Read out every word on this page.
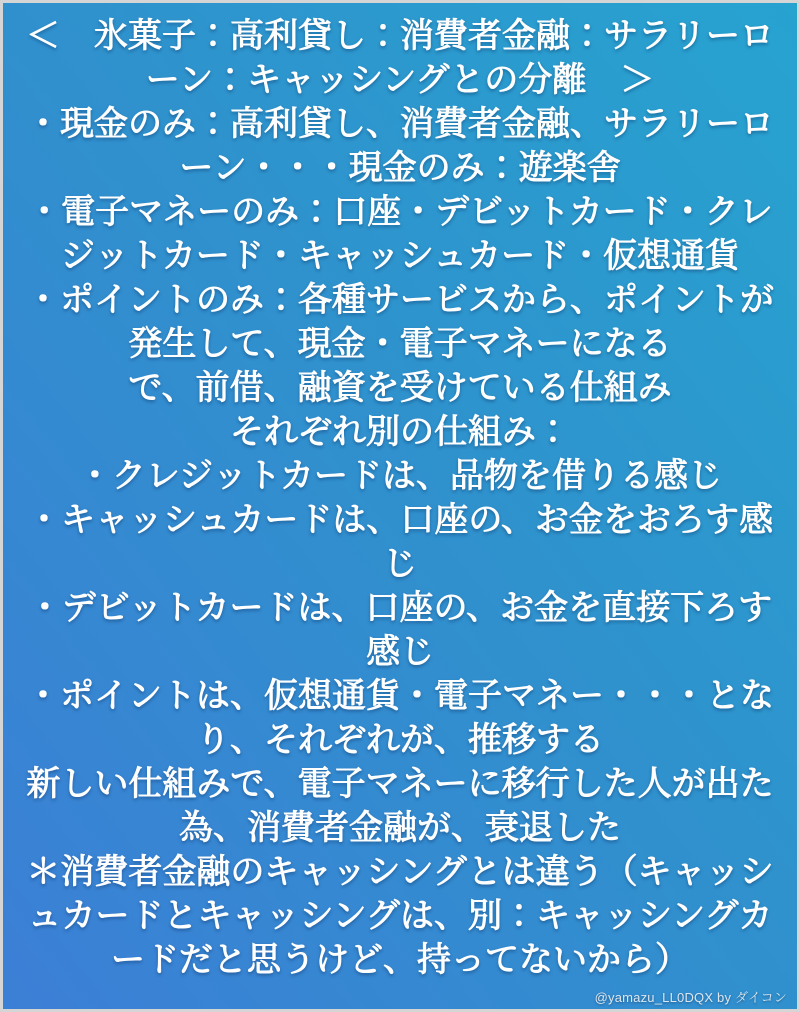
＜　氷菓子：高利貸し：消費者金融：サラリーローン：キャッシングとの分離　＞

・現金のみ：高利貸し、消費者金融、サラリーローン・・・現金のみ：遊楽舎

・電子マネーのみ：口座・デビットカード・クレジットカード・キャッシュカード・仮想通貨

・ポイントのみ：各種サービスから、ポイントが発生して、現金・電子マネーになる

で、前借、融資を受けている仕組み

それぞれ別の仕組み：

・クレジットカードは、品物を借りる感じ

・キャッシュカードは、口座の、お金をおろす感じ

・デビットカードは、口座の、お金を直接下ろす感じ

・ポイントは、仮想通貨・電子マネー・・・となり、それぞれが、推移する

新しい仕組みで、電子マネーに移行した人が出た為、消費者金融が、衰退した

＊消費者金融のキャッシングとは違う（キャッシュカードとキャッシングは、別：キャッシングカードだと思うけど、持ってないから）

@yamazu_LL0DQX by ダイコン
